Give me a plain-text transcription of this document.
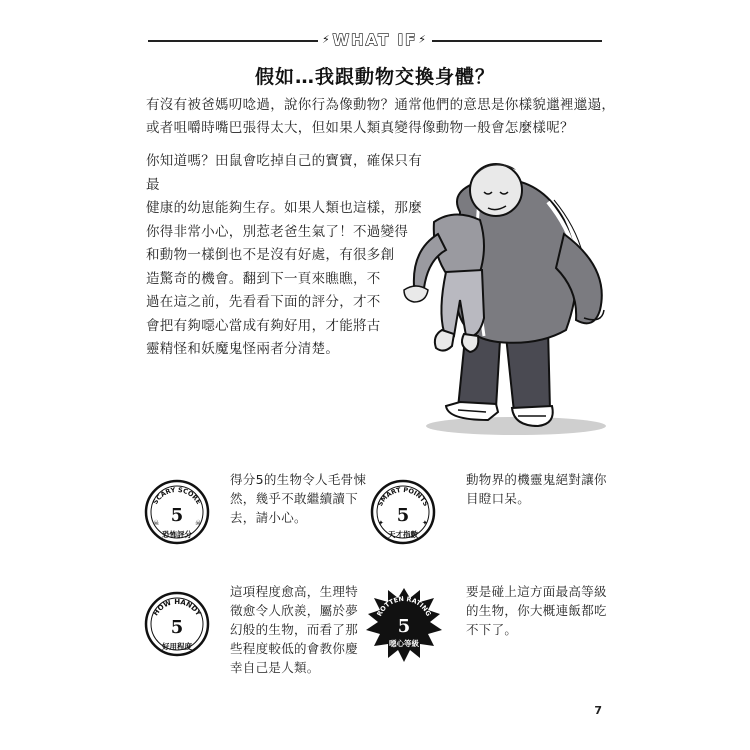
⚡ WHAT IF ⚡
假如…我跟動物交換身體？
有沒有被爸媽叨唸過，說你行為像動物？通常他們的意思是你樣貌邋裡邋遢，
或者咀嚼時嘴巴張得太大，但如果人類真變得像動物一般會怎麼樣呢？
你知道嗎？田鼠會吃掉自己的寶寶，確保只有最
健康的幼崽能夠生存。如果人類也這樣，那麼
你得非常小心，別惹老爸生氣了！不過變得
和動物一樣倒也不是沒有好處，有很多創
造驚奇的機會。翻到下一頁來瞧瞧，不
過在這之前，先看看下面的評分，才不
會把有夠噁心當成有夠好用，才能將古
靈精怪和妖魔鬼怪兩者分清楚。
SCARY SCORE
5
恐怖評分
☠	☠
得分5的生物令人毛骨悚
然，幾乎不敢繼續讀下
去，請小心。
SMART POINTS
5
天才指數
✦	✦
動物界的機靈鬼絕對讓你
目瞪口呆。
HOW HANDY
5
好用程度
這項程度愈高，生理特
徵愈令人欣羨，屬於夢
幻般的生物，而看了那
些程度較低的會教你慶
幸自己是人類。
ROTTEN RATING
5
噁心等級
要是碰上這方面最高等級
的生物，你大概連飯都吃
不下了。
7
